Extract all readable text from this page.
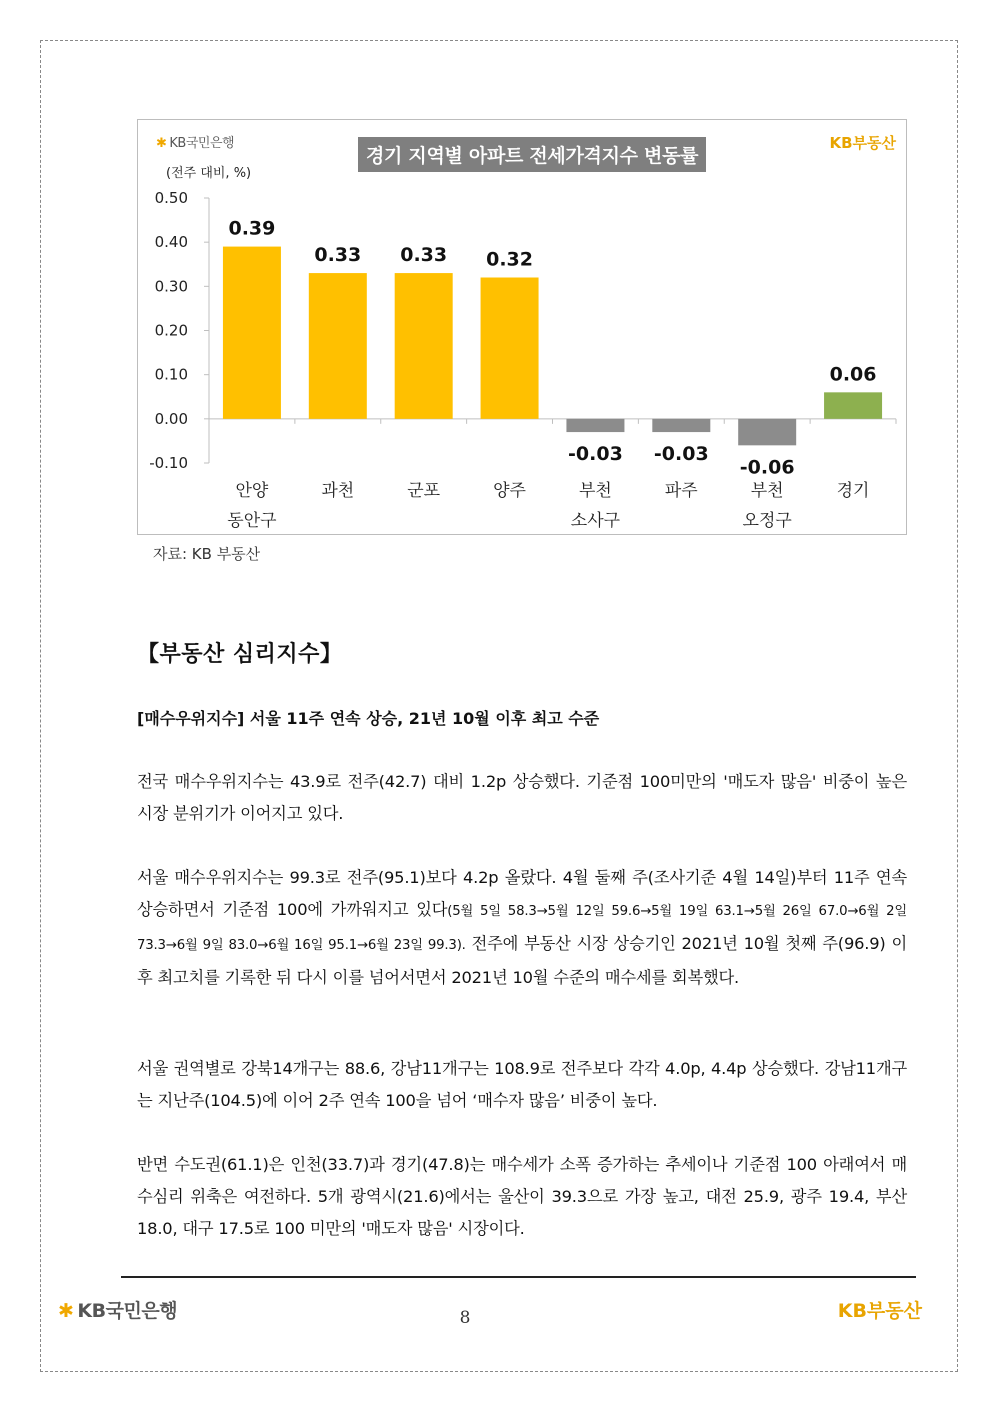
0.50
0.40
0.30
0.20
0.10
0.00
-0.10
0.39
안양
동안구
0.33
과천
0.33
군포
0.32
양주
-0.03
부천
소사구
-0.03
파주
-0.06
부천
오정구
0.06
경기
✱ KB국민은행
(전주 대비, %)
경기 지역별 아파트 전세가격지수 변동률
KB부동산
자료: KB 부동산
【부동산 심리지수】
[매수우위지수] 서울 11주 연속 상승, 21년 10월 이후 최고 수준
전국 매수우위지수는 43.9로 전주(42.7) 대비 1.2p 상승했다. 기준점 100미만의 '매도자 많음' 비중이 높은 시장 분위기가 이어지고 있다.
서울 매수우위지수는 99.3로 전주(95.1)보다 4.2p 올랐다. 4월 둘째 주(조사기준 4월 14일)부터 11주 연속 상승하면서 기준점 100에 가까워지고 있다(5월 5일 58.3→5월 12일 59.6→5월 19일 63.1→5월 26일 67.0→6월 2일 73.3→6월 9일 83.0→6월 16일 95.1→6월 23일 99.3). 전주에 부동산 시장 상승기인 2021년 10월 첫째 주(96.9) 이후 최고치를 기록한 뒤 다시 이를 넘어서면서 2021년 10월 수준의 매수세를 회복했다.
서울 권역별로 강북14개구는 88.6, 강남11개구는 108.9로 전주보다 각각 4.0p, 4.4p 상승했다. 강남11개구는 지난주(104.5)에 이어 2주 연속 100을 넘어 ‘매수자 많음’ 비중이 높다.
반면 수도권(61.1)은 인천(33.7)과 경기(47.8)는 매수세가 소폭 증가하는 추세이나 기준점 100 아래여서 매수심리 위축은 여전하다. 5개 광역시(21.6)에서는 울산이 39.3으로 가장 높고, 대전 25.9, 광주 19.4, 부산 18.0, 대구 17.5로 100 미만의 '매도자 많음' 시장이다.
✱ KB국민은행	8	KB부동산
